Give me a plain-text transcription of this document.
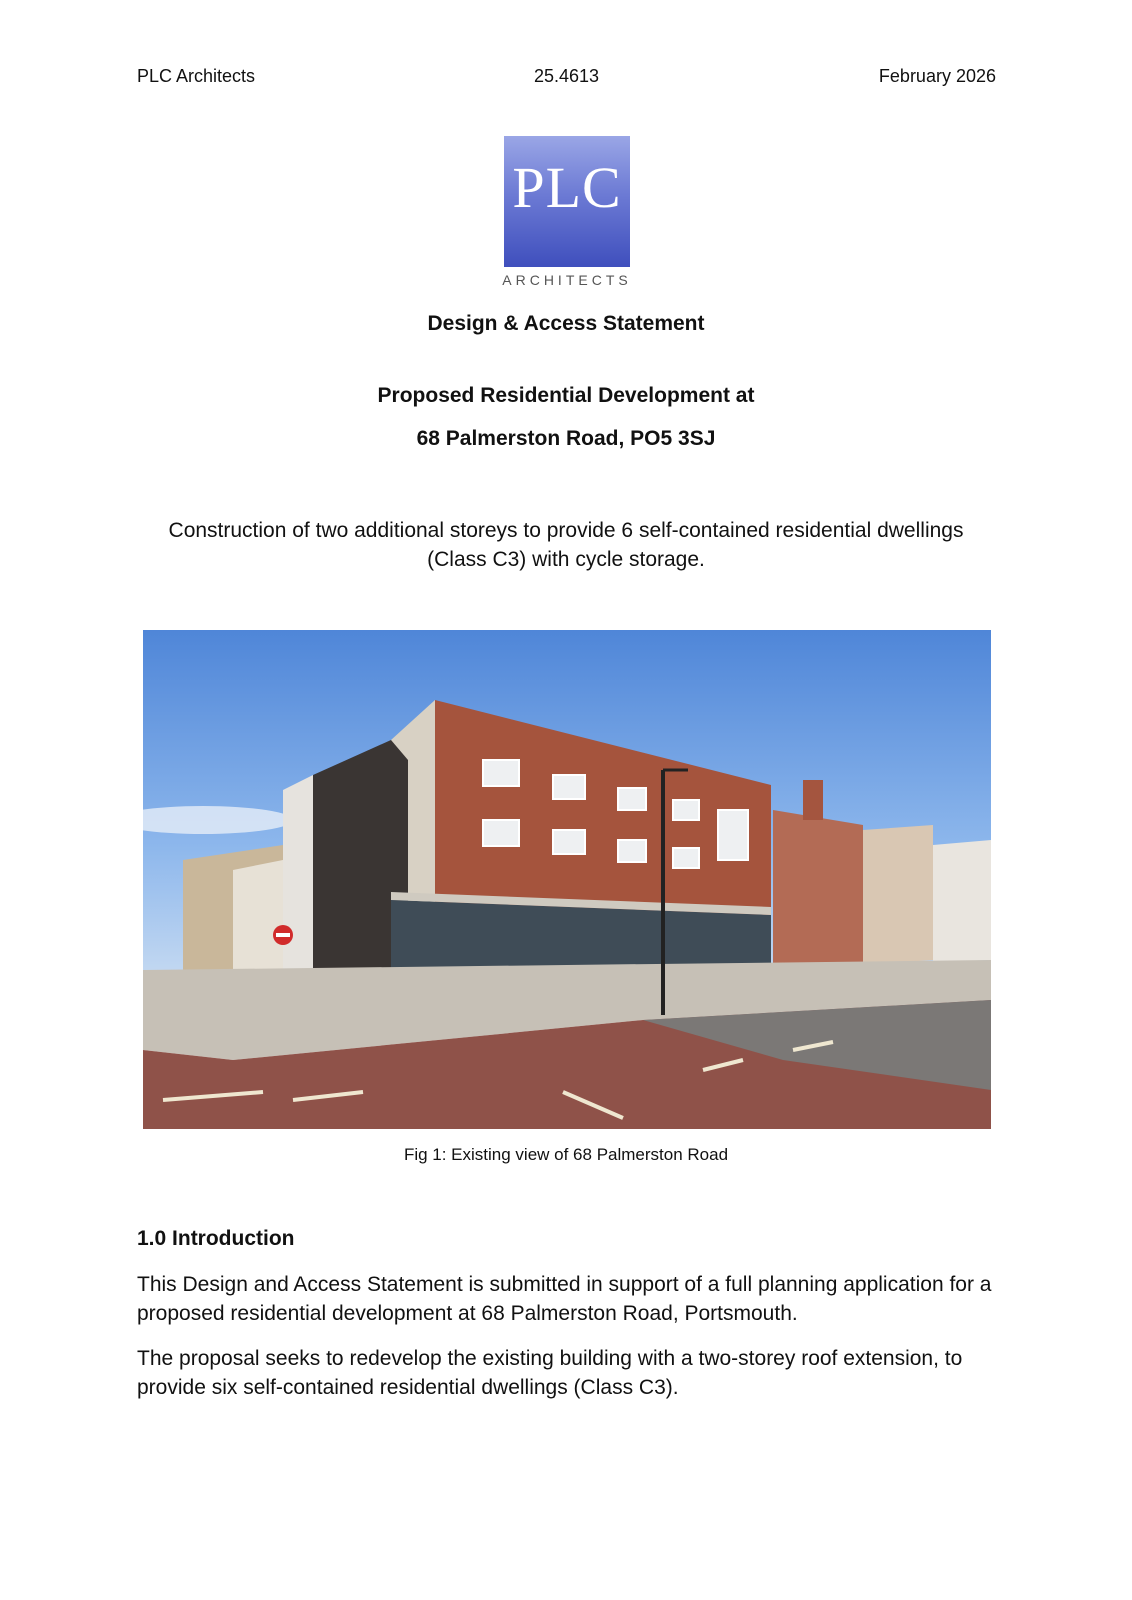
PLC Architects	25.4613	February 2026
PLC
ARCHITECTS
Design & Access Statement
Proposed Residential Development at
68 Palmerston Road, PO5 3SJ
Construction of two additional storeys to provide 6 self-contained residential dwellings (Class C3) with cycle storage.
Fig 1: Existing view of 68 Palmerston Road
1.0 Introduction
This Design and Access Statement is submitted in support of a full planning application for a proposed residential development at 68 Palmerston Road, Portsmouth.
The proposal seeks to redevelop the existing building with a two-storey roof extension, to provide six self-contained residential dwellings (Class C3).
